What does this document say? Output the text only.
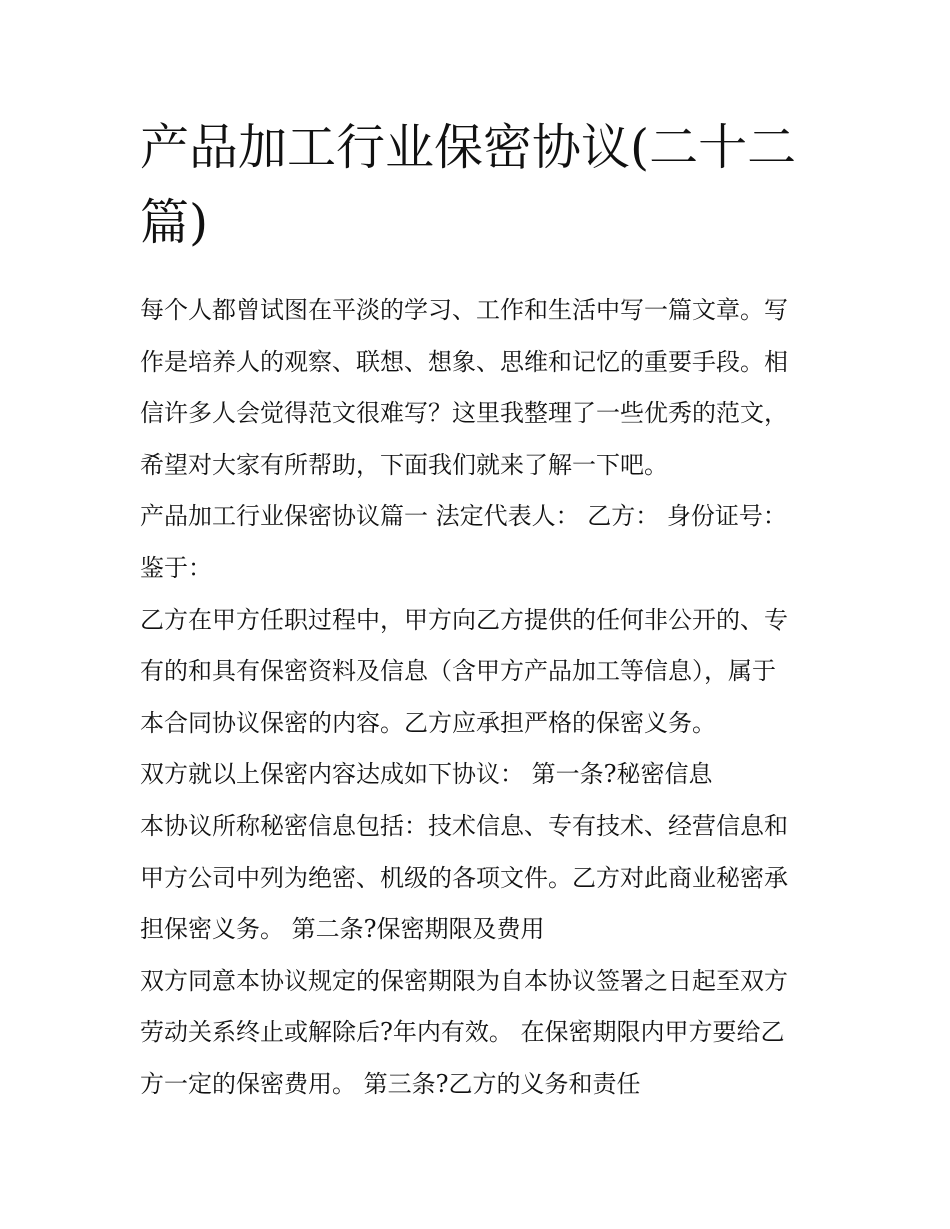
产品加工行业保密协议(二十二
篇)
每个人都曾试图在平淡的学习、工作和生活中写一篇文章。写
作是培养人的观察、联想、想象、思维和记忆的重要手段。相
信许多人会觉得范文很难写？这里我整理了一些优秀的范文，
希望对大家有所帮助，下面我们就来了解一下吧。
产品加工行业保密协议篇一 法定代表人： 乙方： 身份证号：
鉴于：
乙方在甲方任职过程中，甲方向乙方提供的任何非公开的、专
有的和具有保密资料及信息（含甲方产品加工等信息），属于
本合同协议保密的内容。乙方应承担严格的保密义务。
双方就以上保密内容达成如下协议： 第一条?秘密信息
本协议所称秘密信息包括：技术信息、专有技术、经营信息和
甲方公司中列为绝密、机级的各项文件。乙方对此商业秘密承
担保密义务。 第二条?保密期限及费用
双方同意本协议规定的保密期限为自本协议签署之日起至双方
劳动关系终止或解除后?年内有效。 在保密期限内甲方要给乙
方一定的保密费用。 第三条?乙方的义务和责任
